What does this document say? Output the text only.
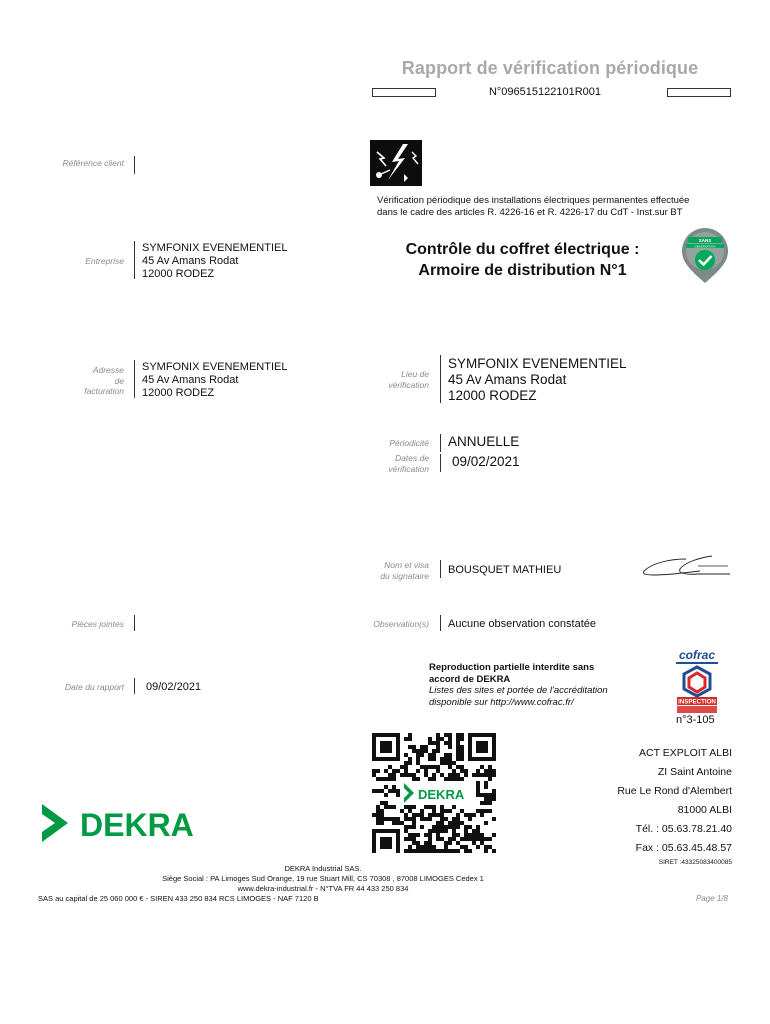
Rapport de vérification périodique
N°096515122101R001
Référence client
Vérification périodique des installations électriques permanentes effectuée
dans le cadre des articles R. 4226-16 et R. 4226-17 du CdT - Inst.sur BT
Contrôle du coffret électrique :
Armoire de distribution N°1
SANS
OBSERVATION
Entreprise
SYMFONIX EVENEMENTIEL
45 Av Amans Rodat
12000 RODEZ
Adresse
de
facturation
SYMFONIX EVENEMENTIEL
45 Av Amans Rodat
12000 RODEZ
Lieu de
vérification
SYMFONIX EVENEMENTIEL
45 Av Amans Rodat
12000 RODEZ
Périodicité ANNUELLE
Dates de
vérification 09/02/2021
Nom et visa
du signataire BOUSQUET MATHIEU
Pièces jointes	Observation(s) Aucune observation constatée
Date du rapport 09/02/2021
Reproduction partielle interdite sans
accord de DEKRA
Listes des sites et portée de l'accréditation
disponible sur http://www.cofrac.fr/
cofrac
INSPECTION
n°3-105
DEKRA
DEKRA
ACT EXPLOIT ALBI
ZI Saint Antoine
Rue Le Rond d'Alembert
81000 ALBI
Tél. : 05.63.78.21.40
Fax : 05.63.45.48.57
SIRET :43325083400085
DEKRA Industrial SAS.
Siège Social : PA Limoges Sud Orange, 19 rue Stuart Mill, CS 70308 , 87008 LIMOGES Cedex 1
www.dekra-industrial.fr - N°TVA FR 44 433 250 834
SAS au capital de 25 060 000 € - SIREN 433 250 834 RCS LIMOGES - NAF 7120 B	Page 1/8
